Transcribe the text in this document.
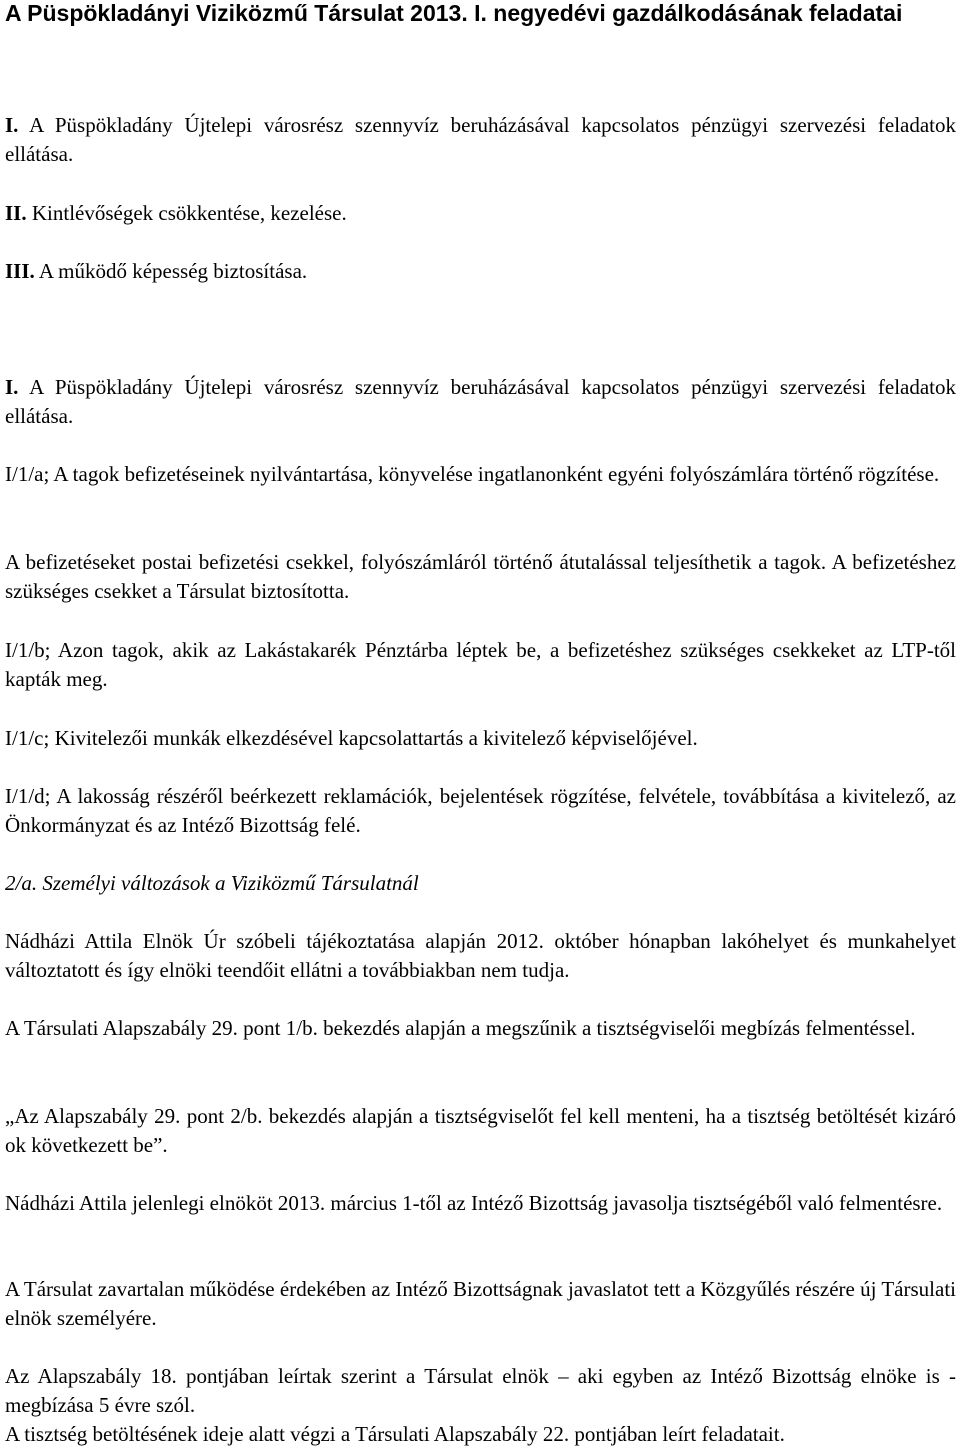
A Püspökladányi Viziközmű Társulat 2013. I. negyedévi gazdálkodásának feladatai
I. A Püspökladány Újtelepi városrész szennyvíz beruházásával kapcsolatos pénzügyi szervezési feladatok ellátása.
II. Kintlévőségek csökkentése, kezelése.
III. A működő képesség biztosítása.
I. A Püspökladány Újtelepi városrész szennyvíz beruházásával kapcsolatos pénzügyi szervezési feladatok ellátása.
I/1/a; A tagok befizetéseinek nyilvántartása, könyvelése ingatlanonként egyéni folyószámlára történő rögzítése.
A befizetéseket postai befizetési csekkel, folyószámláról történő átutalással teljesíthetik a tagok. A befizetéshez szükséges csekket a Társulat biztosította.
I/1/b; Azon tagok, akik az Lakástakarék Pénztárba léptek be, a befizetéshez szükséges csekkeket az LTP-től kapták meg.
I/1/c; Kivitelezői munkák elkezdésével kapcsolattartás a kivitelező képviselőjével.
I/1/d; A lakosság részéről beérkezett reklamációk, bejelentések rögzítése, felvétele, továbbítása a kivitelező, az Önkormányzat és az Intéző Bizottság felé.
2/a. Személyi változások a Viziközmű Társulatnál
Nádházi Attila Elnök Úr szóbeli tájékoztatása alapján 2012. október hónapban lakóhelyet és munkahelyet változtatott és így elnöki teendőit ellátni a továbbiakban nem tudja.
A Társulati Alapszabály 29. pont 1/b. bekezdés alapján a megszűnik a tisztségviselői megbízás felmentéssel.
„Az Alapszabály 29. pont 2/b. bekezdés alapján a tisztségviselőt fel kell menteni, ha a tisztség betöltését kizáró ok következett be”.
Nádházi Attila jelenlegi elnököt 2013. március 1-től az Intéző Bizottság javasolja tisztségéből való felmentésre.
A Társulat zavartalan működése érdekében az Intéző Bizottságnak javaslatot tett a Közgyűlés részére új Társulati elnök személyére.
Az Alapszabály 18. pontjában leírtak szerint a Társulat elnök – aki egyben az Intéző Bizottság elnöke is - megbízása 5 évre szól.
A tisztség betöltésének ideje alatt végzi a Társulati Alapszabály 22. pontjában leírt feladatait.
